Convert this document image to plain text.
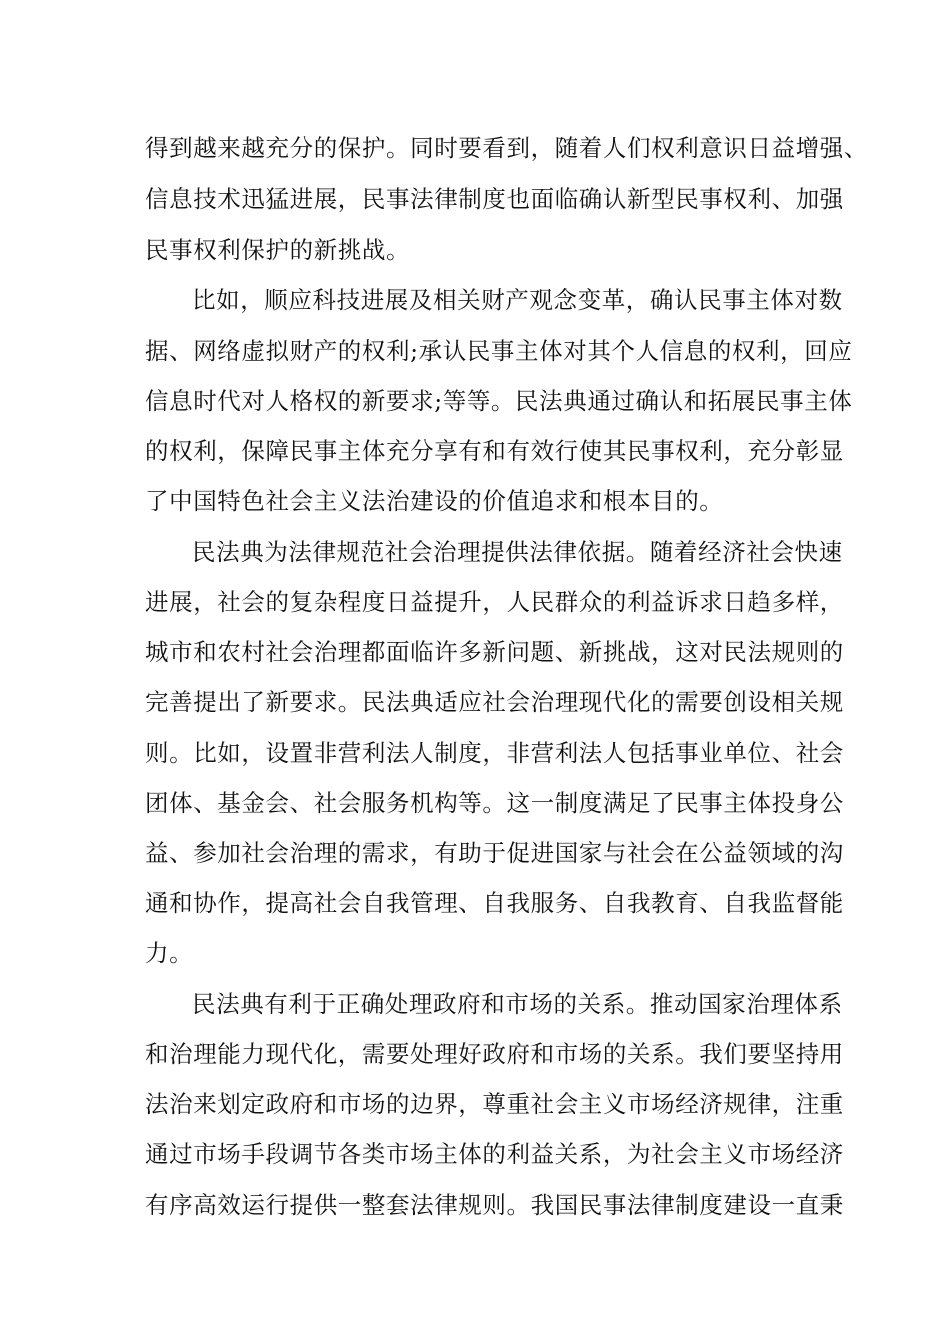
得到越来越充分的保护。同时要看到，随着人们权利意识日益增强、
信息技术迅猛进展，民事法律制度也面临确认新型民事权利、加强
民事权利保护的新挑战。
比如，顺应科技进展及相关财产观念变革，确认民事主体对数
据、网络虚拟财产的权利;承认民事主体对其个人信息的权利，回应
信息时代对人格权的新要求;等等。民法典通过确认和拓展民事主体
的权利，保障民事主体充分享有和有效行使其民事权利，充分彰显
了中国特色社会主义法治建设的价值追求和根本目的。
民法典为法律规范社会治理提供法律依据。随着经济社会快速
进展，社会的复杂程度日益提升，人民群众的利益诉求日趋多样，
城市和农村社会治理都面临许多新问题、新挑战，这对民法规则的
完善提出了新要求。民法典适应社会治理现代化的需要创设相关规
则。比如，设置非营利法人制度，非营利法人包括事业单位、社会
团体、基金会、社会服务机构等。这一制度满足了民事主体投身公
益、参加社会治理的需求，有助于促进国家与社会在公益领域的沟
通和协作，提高社会自我管理、自我服务、自我教育、自我监督能
力。
民法典有利于正确处理政府和市场的关系。推动国家治理体系
和治理能力现代化，需要处理好政府和市场的关系。我们要坚持用
法治来划定政府和市场的边界，尊重社会主义市场经济规律，注重
通过市场手段调节各类市场主体的利益关系，为社会主义市场经济
有序高效运行提供一整套法律规则。我国民事法律制度建设一直秉
